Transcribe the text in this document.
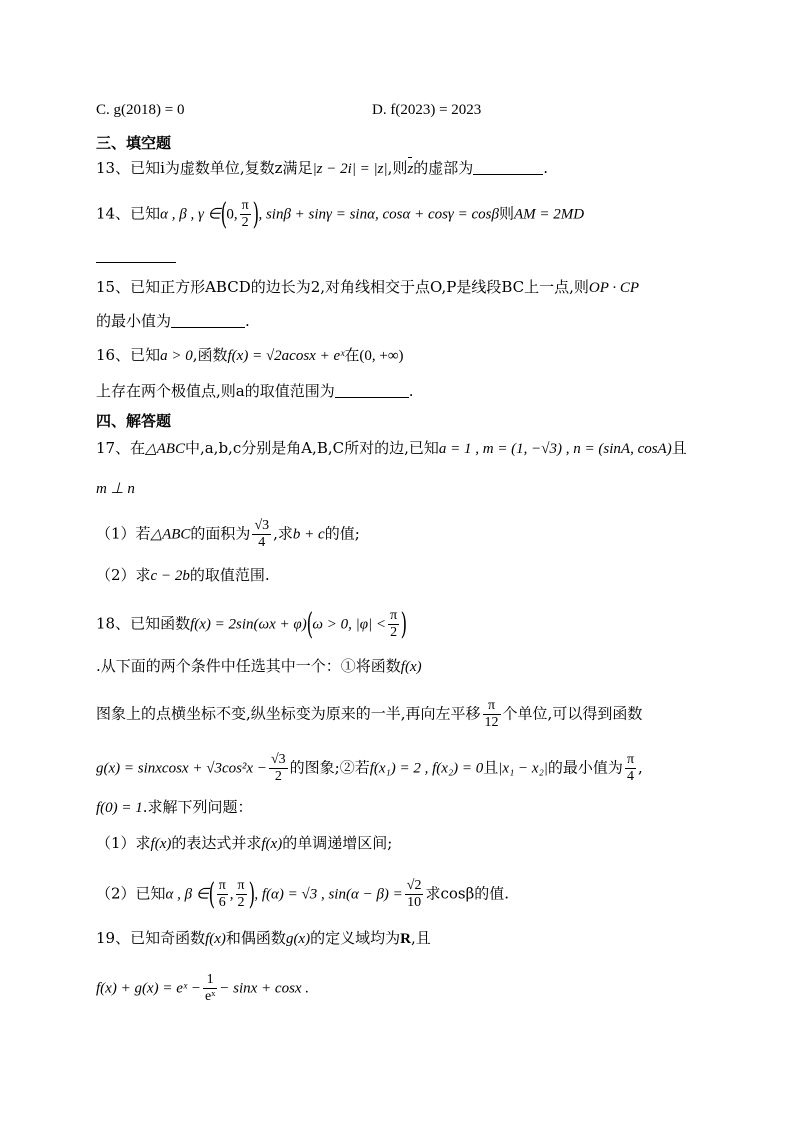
C. g(2018) = 0	D. f(2023) = 2023
三、填空题
13、已知i为虚数单位,复数z满足|z − 2i| = |z|,则z的虚部为	.
14、已知α , β , γ ∈(0, $\frac{\pi}{2}$ ), sinβ + sinγ = sinα, cosα + cosγ = cosβ则AM = 2MD
15、已知正方形ABCD的边长为2,对角线相交于点O,P是线段BC上一点,则OP · CP
的最小值为	.
16、已知a > 0,函数f(x) = √2acosx + eˣ在(0, +∞)
上存在两个极值点,则a的取值范围为	.
四、解答题
17、在△ABC中,a,b,c分别是角A,B,C所对的边,已知a = 1 , m = (1, −√3) , n = (sinA, cosA)且
m ⊥ n
（1）若△ABC的面积为 $\frac{√3}{4}$ ,求b + c的值;
（2）求c − 2b的取值范围.
18、已知函数f(x) = 2sin(ωx + φ)(ω > 0, $|\varphi| < \frac{\pi}{2}$ )
.从下面的两个条件中任选其中一个：①将函数f(x)
图象上的点横坐标不变,纵坐标变为原来的一半,再向左平移 $\frac{\pi}{12}$ 个单位,可以得到函数
g(x) = sinxcosx + $√3\cos^2x - \frac{√3}{2}$ 的图象;②若f(x₁) = 2 , f(x₂) = 0且|x₁ − x₂|的最小值为 $\frac{\pi}{4}$ ,
f(0) = 1.求解下列问题：
（1）求f(x)的表达式并求f(x)的单调递增区间;
（2）已知α , β ∈( $\frac{\pi}{6}$ , $\frac{\pi}{2}$ ), f(α) = √3 , $\sin(\alpha - \beta) = \frac{√2}{10}$ 求cosβ的值.
19、已知奇函数f(x)和偶函数g(x)的定义域均为R,且
f(x) + g(x) = eˣ − $\frac{1}{\text{eˣ}} - \sin x + \cos x$ .
